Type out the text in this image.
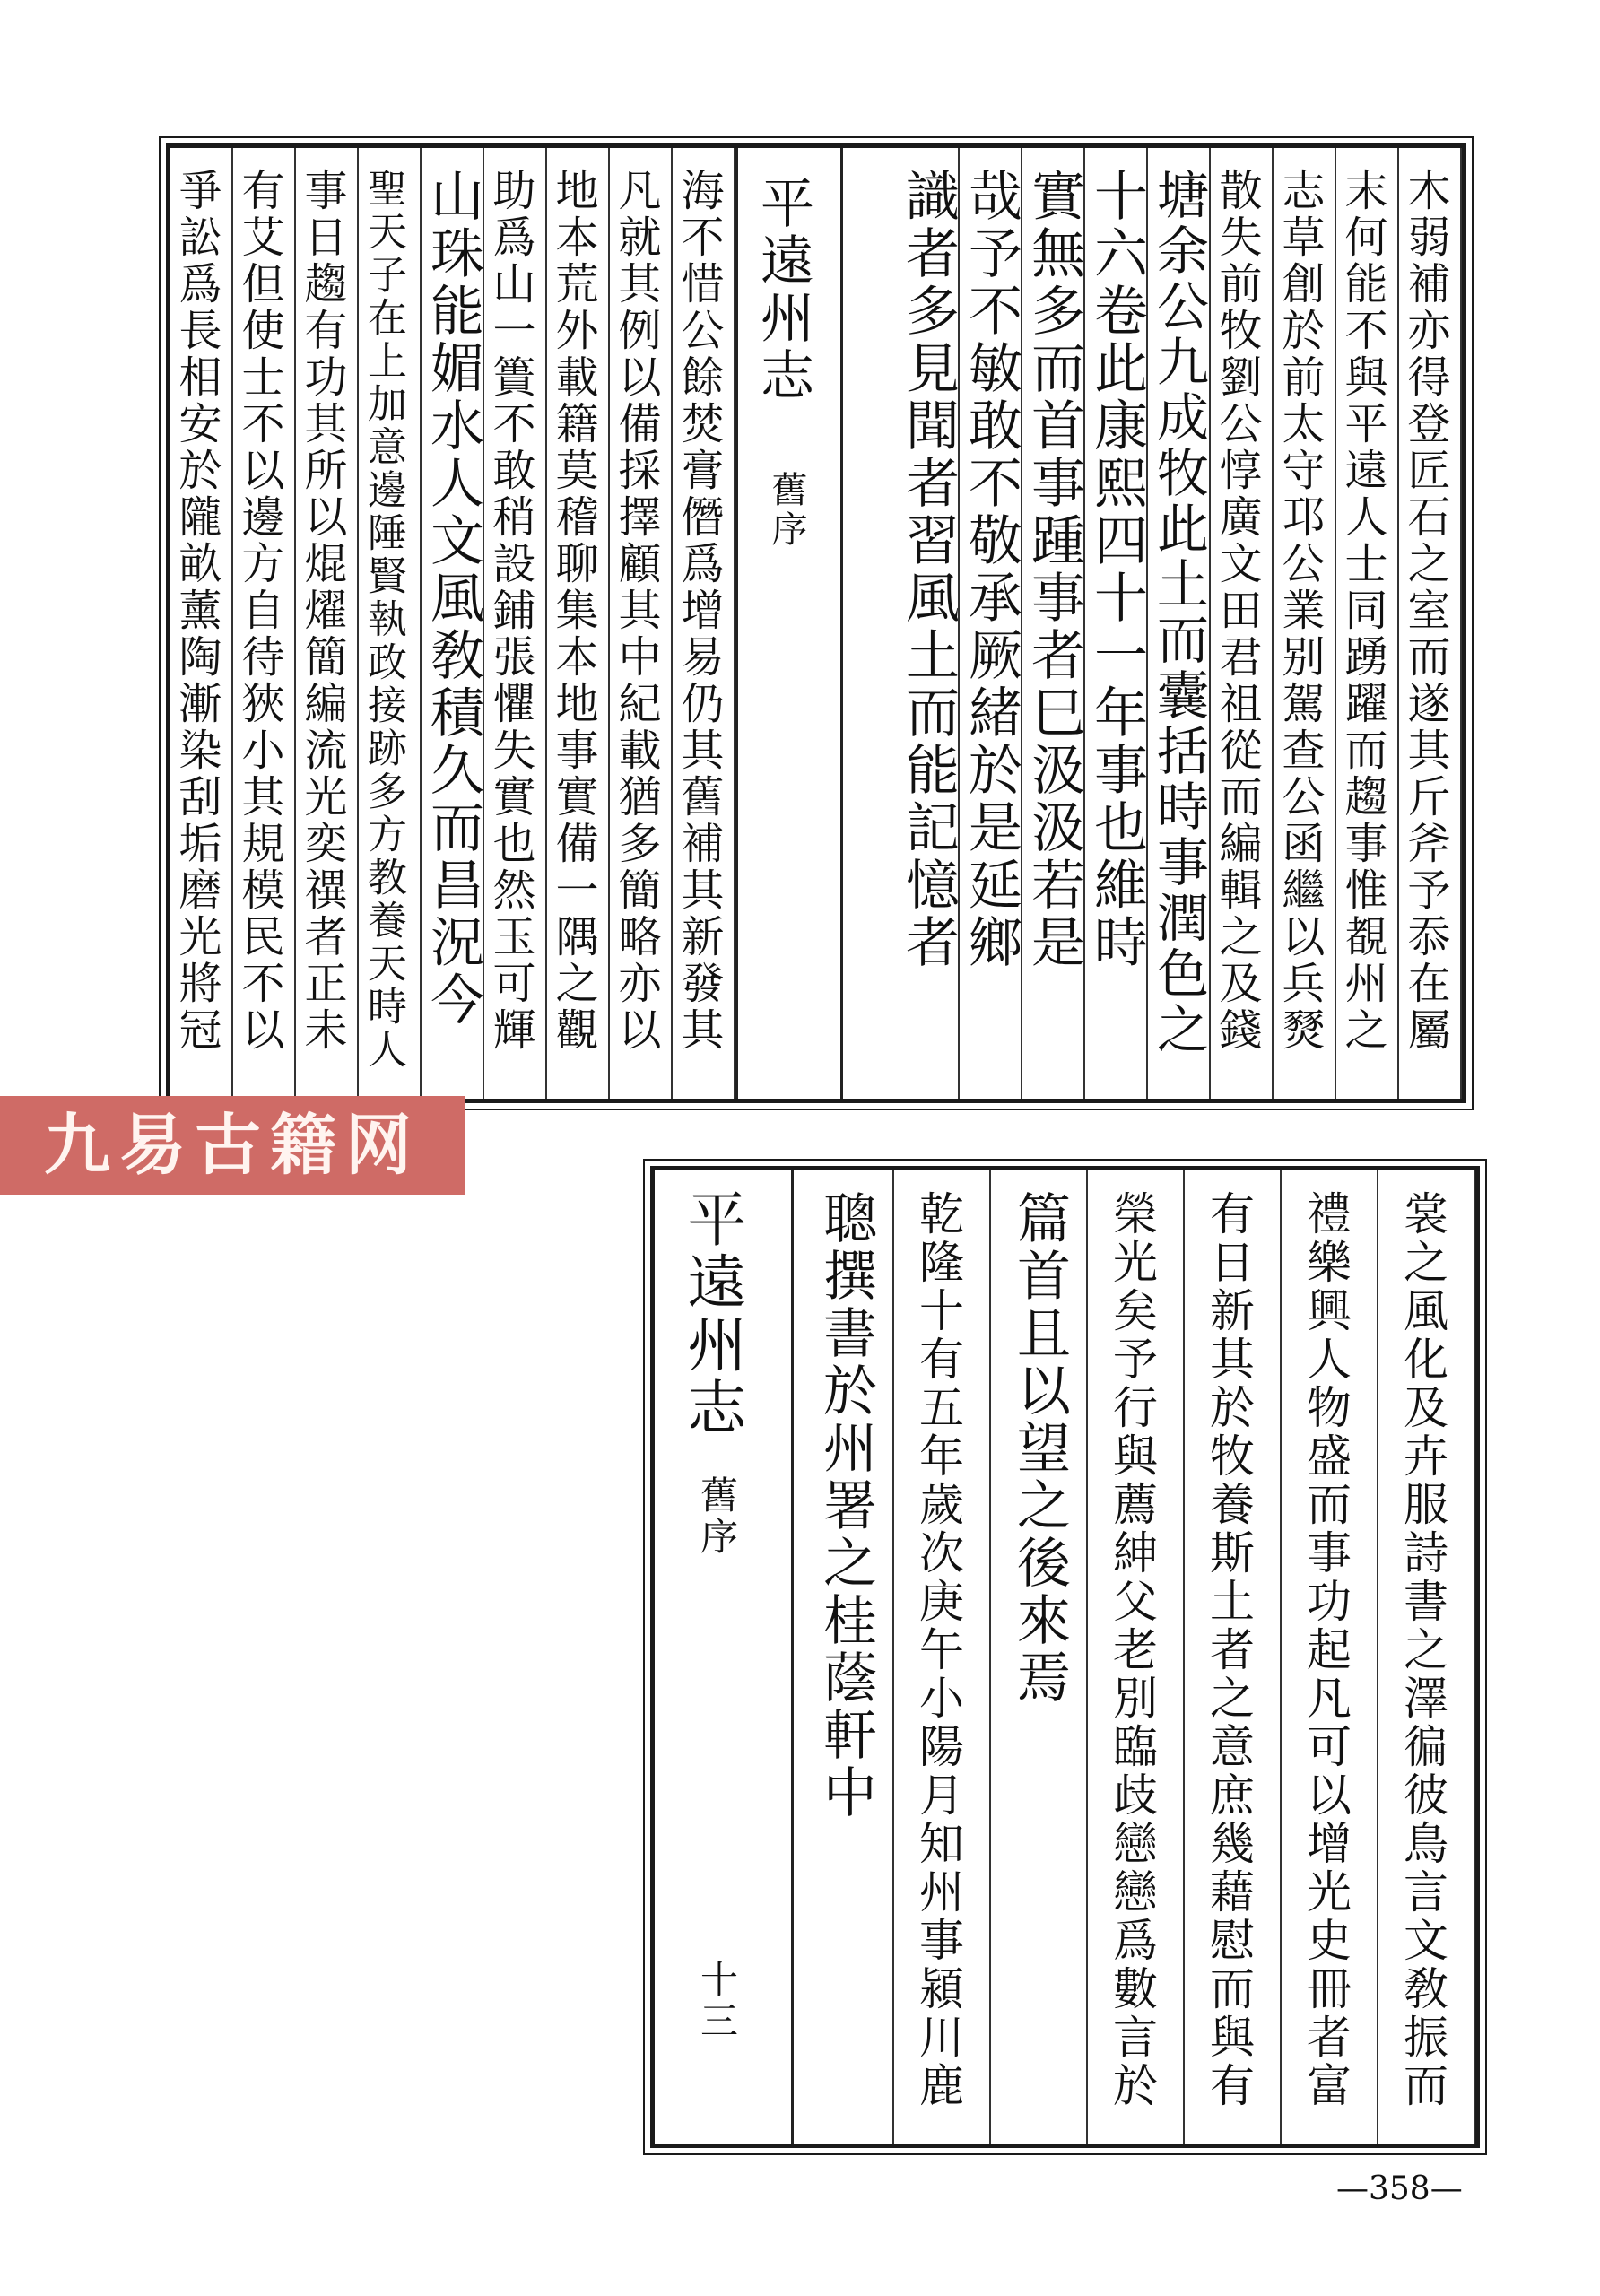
平遠州志
舊序	木弱補亦得登匠石之室而遂其斤斧予忝在屬
末何能不與平遠人士同踴躍而趨事惟覩州之
志草創於前太守邛公業别駕查公函繼以兵燹
散失前牧劉公惇廣文田君祖從而編輯之及錢
塘余公九成牧此土而囊括時事潤色之
十六卷此康熙四十一年事也維時
實無多而首事踵事者巳汲汲若是
哉予不敏敢不敬承厥緒於是延鄉
識者多見聞者習風土而能記憶者
海不惜公餘焚膏僭爲增易仍其舊補其新發其
凡就其例以備採擇顧其中紀載猶多簡略亦以
地本荒外載籍莫稽聊集本地事實備一隅之觀
助爲山一簣不敢稍設鋪張懼失實也然玉可輝
山珠能媚水人文風敎積久而昌況今
聖天子在上加意邊陲賢執政接跡多方教養天時人
事日趨有功其所以焜燿簡編流光奕禩者正未
有艾但使士不以邊方自待狹小其規模民不以
爭訟爲長相安於隴畝薰陶漸染刮垢磨光將冠
平遠州志
舊序
十三	裳之風化及卉服詩書之澤徧彼鳥言文敎振而
禮樂興人物盛而事功起凡可以增光史冊者富
有日新其於牧養斯土者之意庶幾藉慰而與有
榮光矣予行與薦紳父老別臨歧戀戀爲數言於
篇首且以望之後來焉
乾隆十有五年歲次庚午小陽月知州事潁川鹿
聰撰書於州署之桂蔭軒中
九易古籍网
—358—
